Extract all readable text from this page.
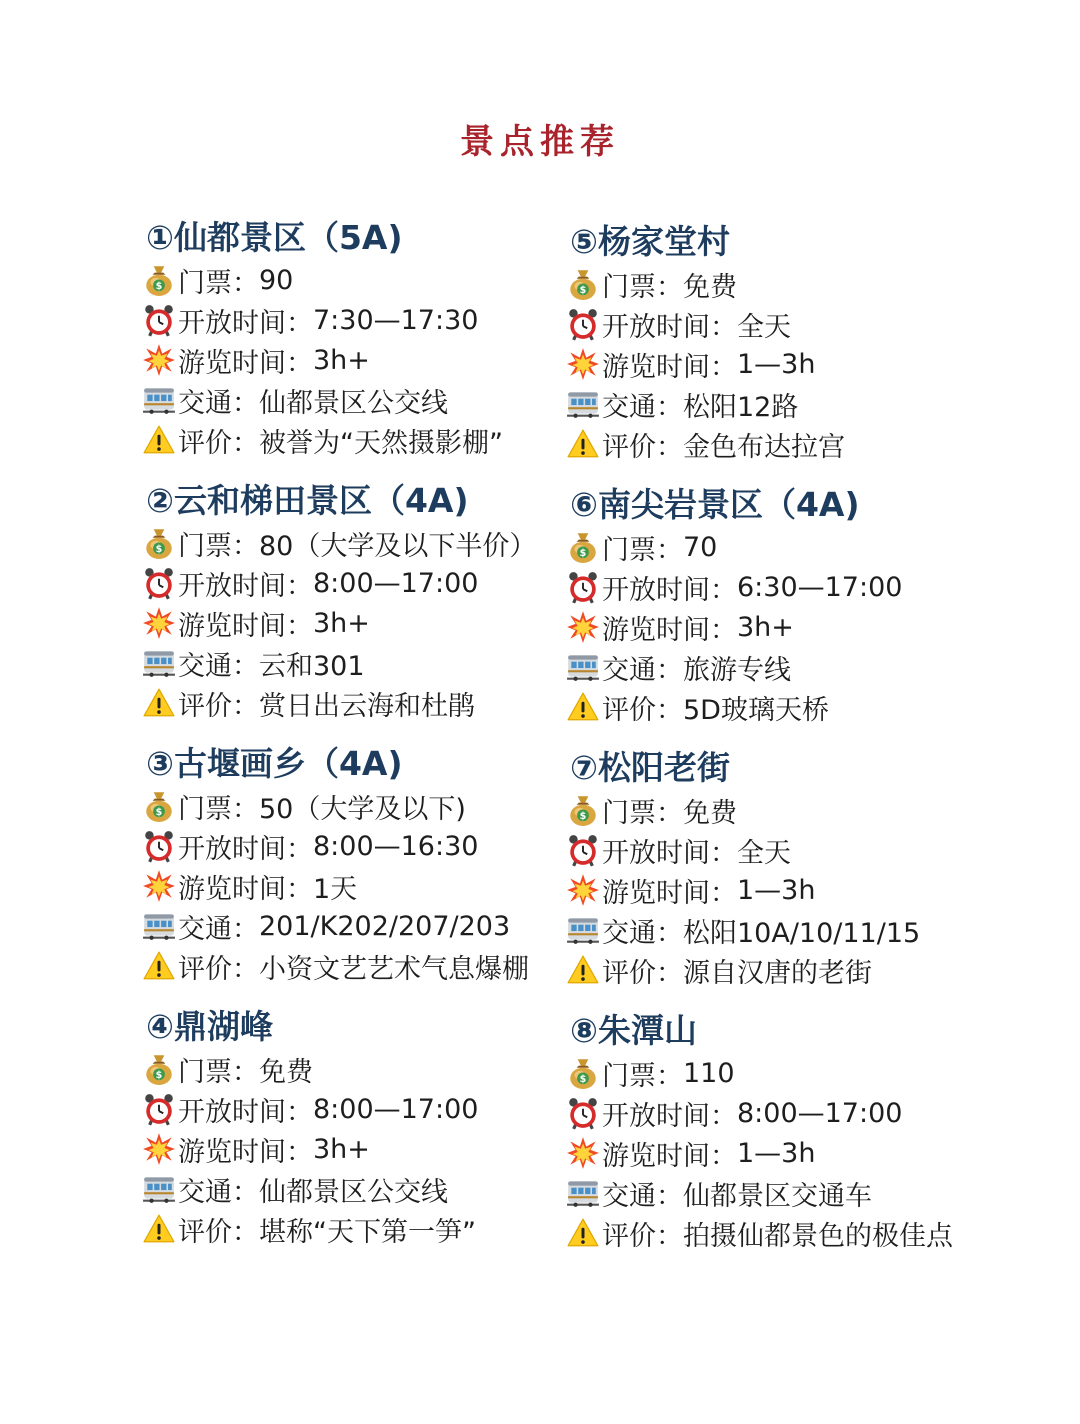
景点推荐
①仙都景区（5A)
门票： 90
开放时间： 7:30—17:30
游览时间： 3h+
交通： 仙都景区公交线
评价： 被誉为“天然摄影棚”
②云和梯田景区（4A)
门票： 80（大学及以下半价）
开放时间： 8:00—17:00
游览时间： 3h+
交通： 云和301
评价： 赏日出云海和杜鹃
③古堰画乡（4A)
门票： 50（大学及以下)
开放时间： 8:00—16:30
游览时间： 1天
交通： 201/K202/207/203
评价： 小资文艺艺术气息爆棚
④鼎湖峰
门票： 免费
开放时间： 8:00—17:00
游览时间： 3h+
交通： 仙都景区公交线
评价： 堪称“天下第一笋”
⑤杨家堂村
门票： 免费
开放时间： 全天
游览时间： 1—3h
交通： 松阳12路
评价： 金色布达拉宫
⑥南尖岩景区（4A)
门票： 70
开放时间： 6:30—17:00
游览时间： 3h+
交通： 旅游专线
评价： 5D玻璃天桥
⑦松阳老街
门票： 免费
开放时间： 全天
游览时间： 1—3h
交通： 松阳10A/10/11/15
评价： 源自汉唐的老街
⑧朱潭山
门票： 110
开放时间： 8:00—17:00
游览时间： 1—3h
交通： 仙都景区交通车
评价： 拍摄仙都景色的极佳点
